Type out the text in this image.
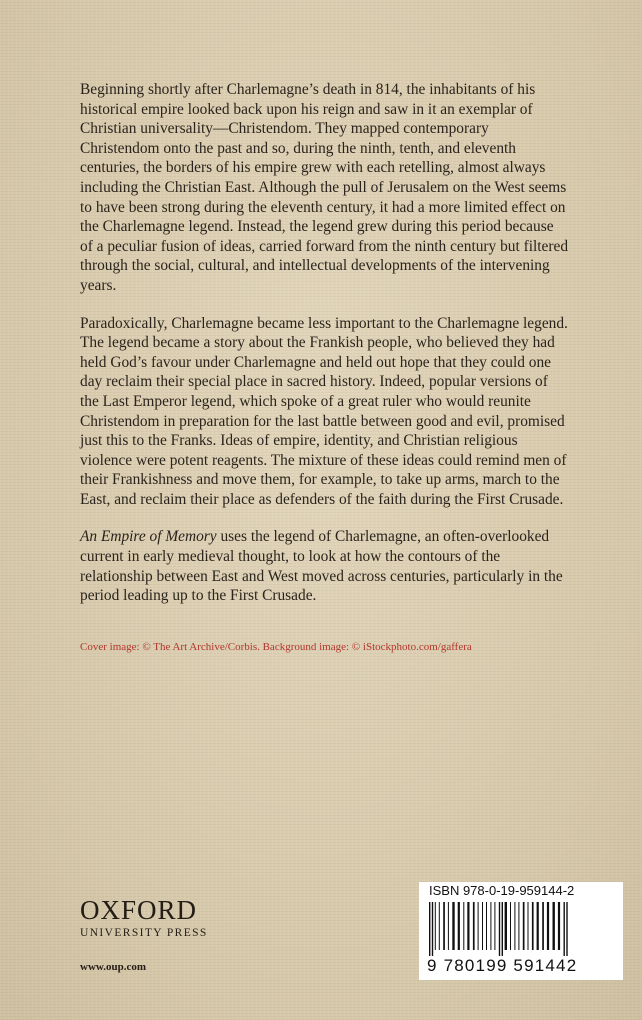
Beginning shortly after Charlemagne’s death in 814, the inhabitants of his historical empire looked back upon his reign and saw in it an exemplar of Christian universality—Christendom. They mapped contemporary Christendom onto the past and so, during the ninth, tenth, and eleventh centuries, the borders of his empire grew with each retelling, almost always including the Christian East. Although the pull of Jerusalem on the West seems to have been strong during the eleventh century, it had a more limited effect on the Charlemagne legend. Instead, the legend grew during this period because of a peculiar fusion of ideas, carried forward from the ninth century but filtered through the social, cultural, and intellectual developments of the intervening years.

Paradoxically, Charlemagne became less important to the Charlemagne legend. The legend became a story about the Frankish people, who believed they had held God’s favour under Charlemagne and held out hope that they could one day reclaim their special place in sacred history. Indeed, popular versions of the Last Emperor legend, which spoke of a great ruler who would reunite Christendom in preparation for the last battle between good and evil, promised just this to the Franks. Ideas of empire, identity, and Christian religious violence were potent reagents. The mixture of these ideas could remind men of their Frankishness and move them, for example, to take up arms, march to the East, and reclaim their place as defenders of the faith during the First Crusade.

An Empire of Memory uses the legend of Charlemagne, an often-overlooked current in early medieval thought, to look at how the contours of the relationship between East and West moved across centuries, particularly in the period leading up to the First Crusade.

Cover image: © The Art Archive/Corbis. Background image: © iStockphoto.com/gaffera
OXFORD
UNIVERSITY PRESS
www.oup.com
ISBN 978-0-19-959144-2
9 780199 591442
